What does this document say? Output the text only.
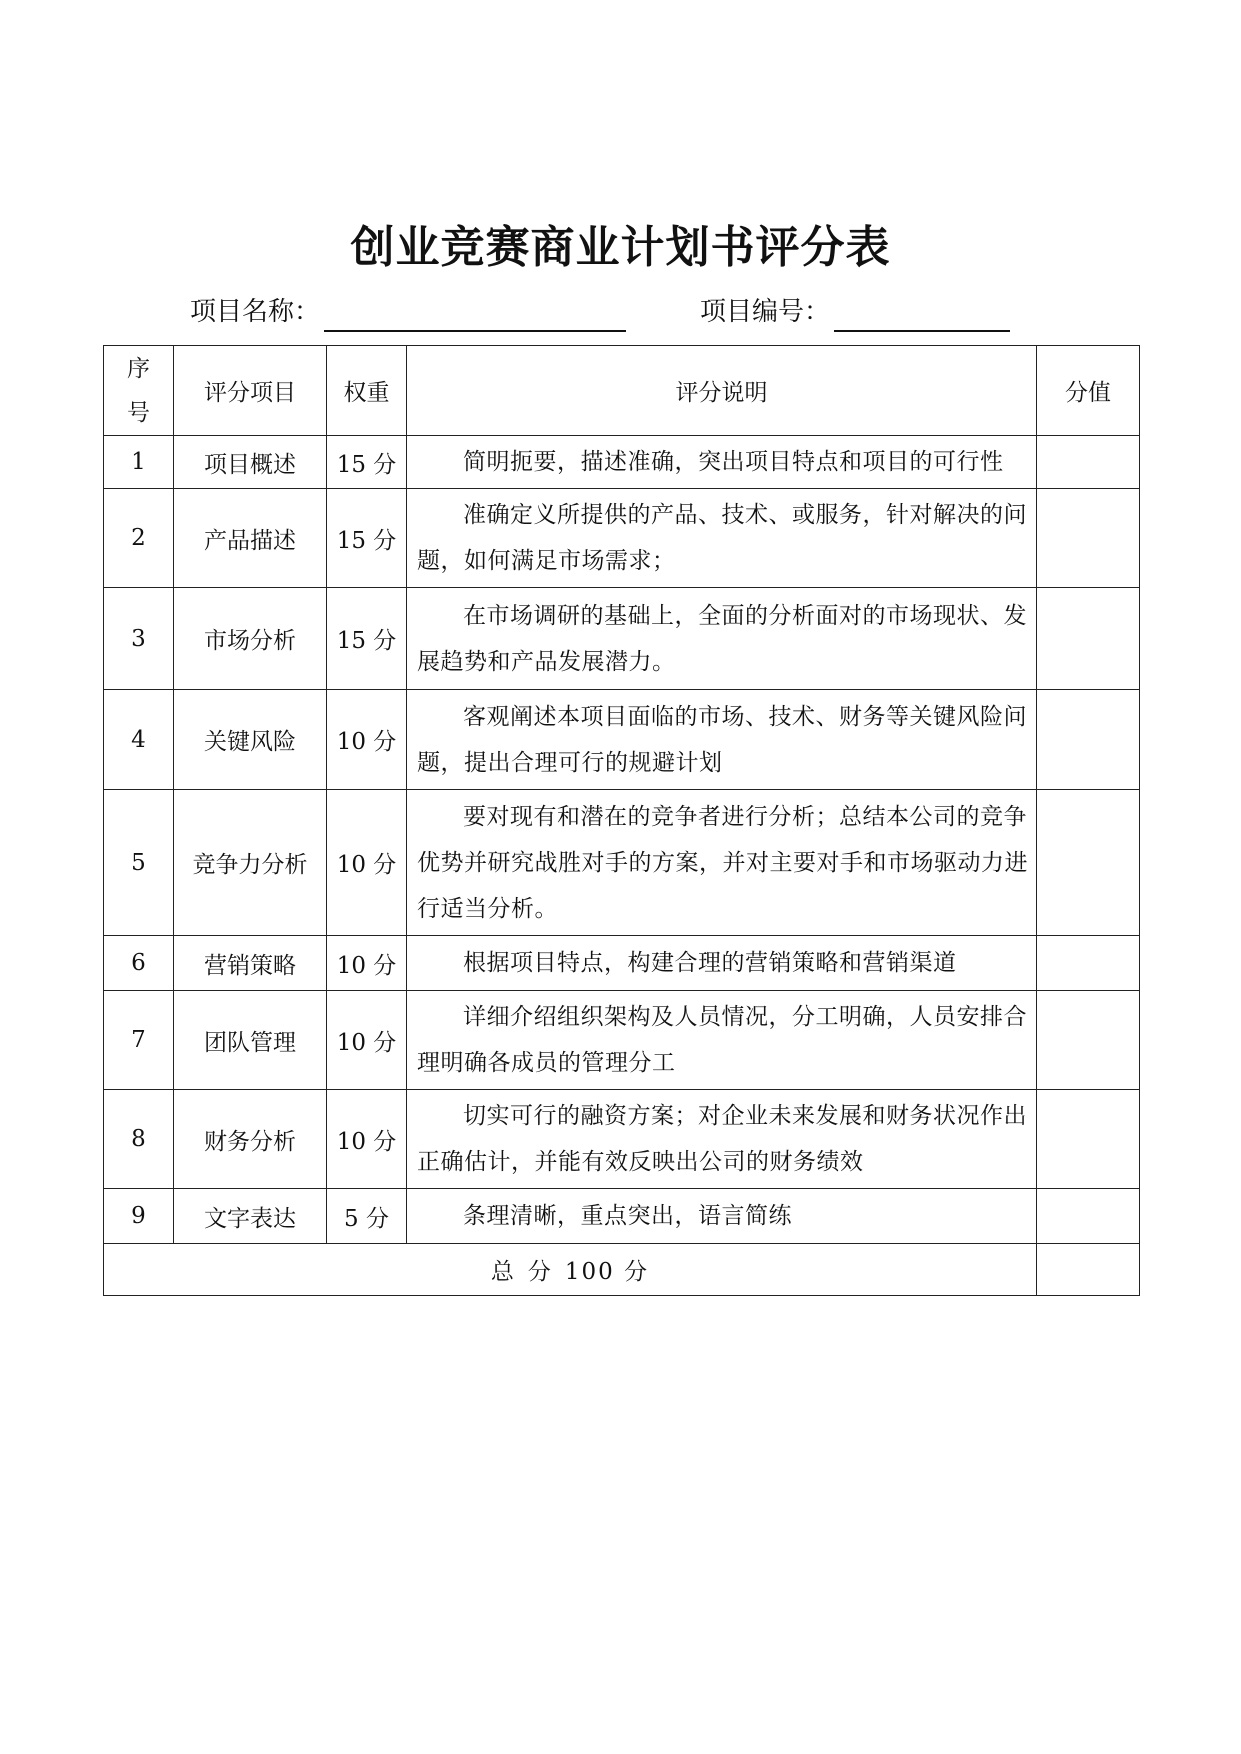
创业竞赛商业计划书评分表
项目名称：	项目编号：
序
号	评分项目	权重	评分说明	分值
1	项目概述	15 分	简明扼要，描述准确，突出项目特点和项目的可行性	
2	产品描述	15 分	准确定义所提供的产品、技术、或服务，针对解决的问题，如何满足市场需求；	
3	市场分析	15 分	在市场调研的基础上，全面的分析面对的市场现状、发展趋势和产品发展潜力。	
4	关键风险	10 分	客观阐述本项目面临的市场、技术、财务等关键风险问题，提出合理可行的规避计划	
5	竞争力分析	10 分	要对现有和潜在的竞争者进行分析；总结本公司的竞争优势并研究战胜对手的方案，并对主要对手和市场驱动力进行适当分析。	
6	营销策略	10 分	根据项目特点，构建合理的营销策略和营销渠道	
7	团队管理	10 分	详细介绍组织架构及人员情况，分工明确，人员安排合理明确各成员的管理分工	
8	财务分析	10 分	切实可行的融资方案；对企业未来发展和财务状况作出正确估计，并能有效反映出公司的财务绩效	
9	文字表达	5 分	条理清晰，重点突出，语言简练	
总 分 100 分				
